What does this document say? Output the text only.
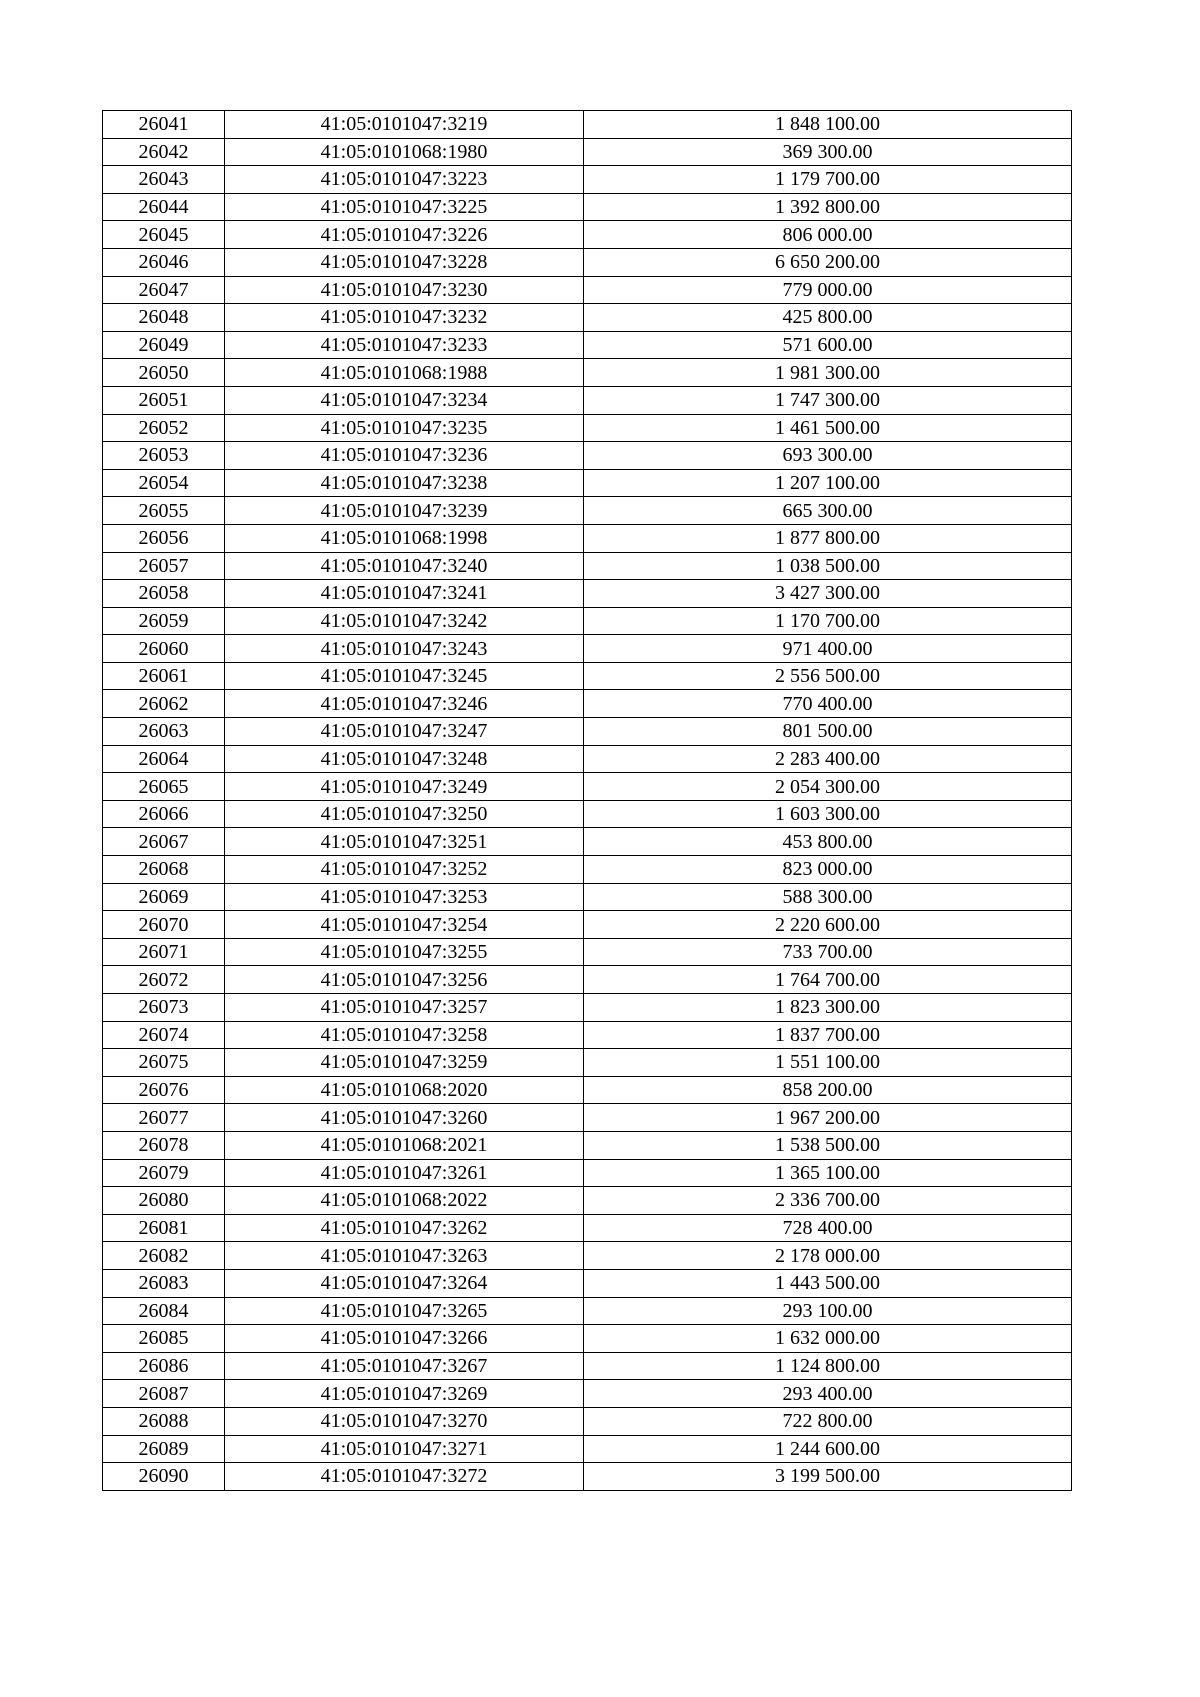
26041	41:05:0101047:3219	1 848 100.00
26042	41:05:0101068:1980	369 300.00
26043	41:05:0101047:3223	1 179 700.00
26044	41:05:0101047:3225	1 392 800.00
26045	41:05:0101047:3226	806 000.00
26046	41:05:0101047:3228	6 650 200.00
26047	41:05:0101047:3230	779 000.00
26048	41:05:0101047:3232	425 800.00
26049	41:05:0101047:3233	571 600.00
26050	41:05:0101068:1988	1 981 300.00
26051	41:05:0101047:3234	1 747 300.00
26052	41:05:0101047:3235	1 461 500.00
26053	41:05:0101047:3236	693 300.00
26054	41:05:0101047:3238	1 207 100.00
26055	41:05:0101047:3239	665 300.00
26056	41:05:0101068:1998	1 877 800.00
26057	41:05:0101047:3240	1 038 500.00
26058	41:05:0101047:3241	3 427 300.00
26059	41:05:0101047:3242	1 170 700.00
26060	41:05:0101047:3243	971 400.00
26061	41:05:0101047:3245	2 556 500.00
26062	41:05:0101047:3246	770 400.00
26063	41:05:0101047:3247	801 500.00
26064	41:05:0101047:3248	2 283 400.00
26065	41:05:0101047:3249	2 054 300.00
26066	41:05:0101047:3250	1 603 300.00
26067	41:05:0101047:3251	453 800.00
26068	41:05:0101047:3252	823 000.00
26069	41:05:0101047:3253	588 300.00
26070	41:05:0101047:3254	2 220 600.00
26071	41:05:0101047:3255	733 700.00
26072	41:05:0101047:3256	1 764 700.00
26073	41:05:0101047:3257	1 823 300.00
26074	41:05:0101047:3258	1 837 700.00
26075	41:05:0101047:3259	1 551 100.00
26076	41:05:0101068:2020	858 200.00
26077	41:05:0101047:3260	1 967 200.00
26078	41:05:0101068:2021	1 538 500.00
26079	41:05:0101047:3261	1 365 100.00
26080	41:05:0101068:2022	2 336 700.00
26081	41:05:0101047:3262	728 400.00
26082	41:05:0101047:3263	2 178 000.00
26083	41:05:0101047:3264	1 443 500.00
26084	41:05:0101047:3265	293 100.00
26085	41:05:0101047:3266	1 632 000.00
26086	41:05:0101047:3267	1 124 800.00
26087	41:05:0101047:3269	293 400.00
26088	41:05:0101047:3270	722 800.00
26089	41:05:0101047:3271	1 244 600.00
26090	41:05:0101047:3272	3 199 500.00
